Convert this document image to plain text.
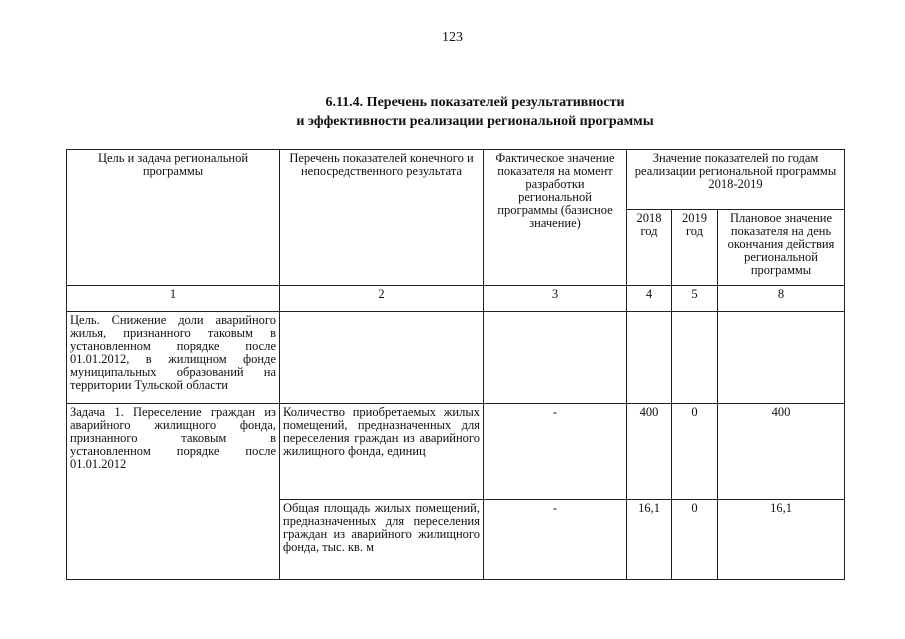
123
6.11.4. Перечень показателей результативности
и эффективности реализации региональной программы
Цель и задача региональной программы	Перечень показателей конечного и непосредственного результата	Фактическое значение показателя на момент разработки региональной программы (базисное значение)	Значение показателей по годам реализации региональной программы 2018-2019		
			2018 год	2019 год	Плановое значение показателя на день окончания действия региональной программы
1	2	3	4	5	8
Цель. Снижение доли аварийного жилья, признанного таковым в установленном порядке после 01.01.2012, в жилищном фонде муниципальных образований на территории Тульской области					
Задача 1. Переселение граждан из аварийного жилищного фонда, признанного таковым в установленном порядке после 01.01.2012	Количество приобретаемых жилых помещений, предназначенных для переселения граждан из аварийного жилищного фонда, единиц	-	400	0	400
	Общая площадь жилых помещений, предназначенных для переселения граждан из аварийного жилищного фонда, тыс. кв. м	-	16,1	0	16,1
